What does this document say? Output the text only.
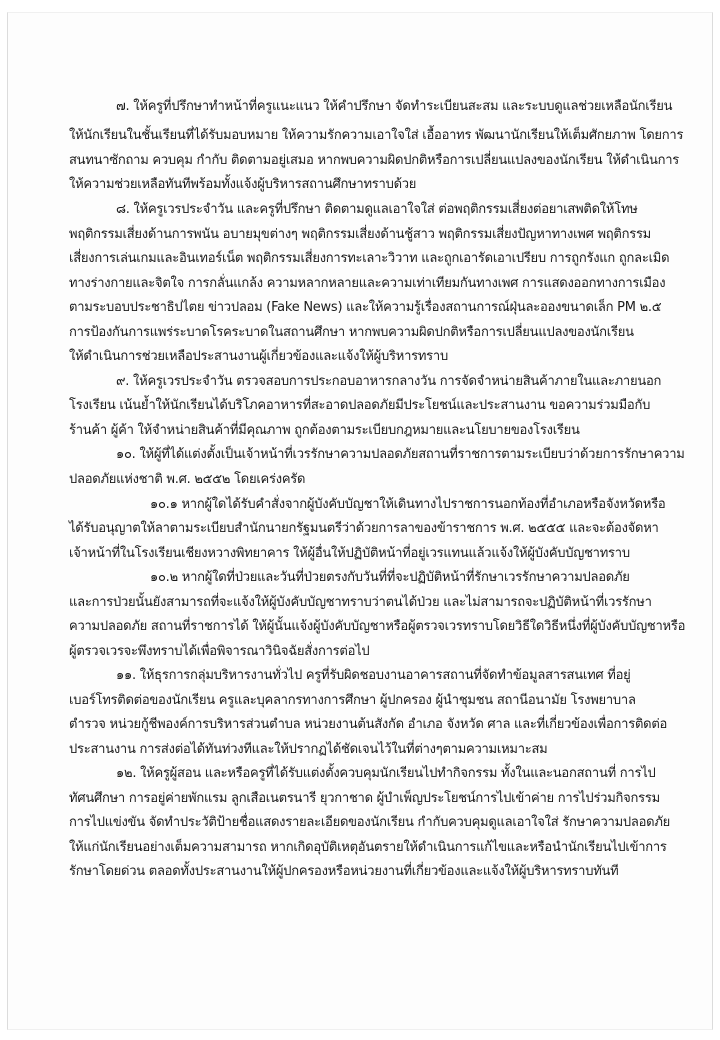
๗. ให้ครูที่ปรึกษาทำหน้าที่ครูแนะแนว ให้คำปรึกษา จัดทำระเบียนสะสม และระบบดูแลช่วยเหลือนักเรียน
ให้นักเรียนในชั้นเรียนที่ได้รับมอบหมาย ให้ความรักความเอาใจใส่ เอื้ออาทร พัฒนานักเรียนให้เต็มศักยภาพ โดยการ
สนทนาซักถาม ควบคุม กำกับ ติดตามอยู่เสมอ หากพบความผิดปกติหรือการเปลี่ยนแปลงของนักเรียน ให้ดำเนินการ
ให้ความช่วยเหลือทันทีพร้อมทั้งแจ้งผู้บริหารสถานศึกษาทราบด้วย
๘. ให้ครูเวรประจำวัน และครูที่ปรึกษา ติดตามดูแลเอาใจใส่ ต่อพฤติกรรมเสี่ยงต่อยาเสพติดให้โทษ
พฤติกรรมเสี่ยงด้านการพนัน อบายมุขต่างๆ พฤติกรรมเสี่ยงด้านชู้สาว พฤติกรรมเสี่ยงปัญหาทางเพศ พฤติกรรม
เสี่ยงการเล่นเกมและอินเทอร์เน็ต พฤติกรรมเสี่ยงการทะเลาะวิวาท และถูกเอารัดเอาเปรียบ การถูกรังแก ถูกละเมิด
ทางร่างกายและจิตใจ การกลั่นแกล้ง ความหลากหลายและความเท่าเทียมกันทางเพศ การแสดงออกทางการเมือง
ตามระบอบประชาธิปไตย ข่าวปลอม (Fake News) และให้ความรู้เรื่องสถานการณ์ฝุ่นละอองขนาดเล็ก PM ๒.๕
การป้องกันการแพร่ระบาดโรคระบาดในสถานศึกษา หากพบความผิดปกติหรือการเปลี่ยนแปลงของนักเรียน
ให้ดำเนินการช่วยเหลือประสานงานผู้เกี่ยวข้องและแจ้งให้ผู้บริหารทราบ
๙. ให้ครูเวรประจำวัน ตรวจสอบการประกอบอาหารกลางวัน การจัดจำหน่ายสินค้าภายในและภายนอก
โรงเรียน เน้นย้ำให้นักเรียนได้บริโภคอาหารที่สะอาดปลอดภัยมีประโยชน์และประสานงาน ขอความร่วมมือกับ
ร้านค้า ผู้ค้า ให้จำหน่ายสินค้าที่มีคุณภาพ ถูกต้องตามระเบียบกฎหมายและนโยบายของโรงเรียน
๑๐. ให้ผู้ที่ได้แต่งตั้งเป็นเจ้าหน้าที่เวรรักษาความปลอดภัยสถานที่ราชการตามระเบียบว่าด้วยการรักษาความ
ปลอดภัยแห่งชาติ พ.ศ. ๒๕๕๒ โดยเคร่งครัด
๑๐.๑ หากผู้ใดได้รับคำสั่งจากผู้บังคับบัญชาให้เดินทางไปราชการนอกท้องที่อำเภอหรือจังหวัดหรือ
ได้รับอนุญาตให้ลาตามระเบียบสำนักนายกรัฐมนตรีว่าด้วยการลาของข้าราชการ พ.ศ. ๒๕๕๕ และจะต้องจัดหา
เจ้าหน้าที่ในโรงเรียนเชียงหวางพิทยาคาร ให้ผู้อื่นให้ปฏิบัติหน้าที่อยู่เวรแทนแล้วแจ้งให้ผู้บังคับบัญชาทราบ
๑๐.๒ หากผู้ใดที่ป่วยและวันที่ป่วยตรงกับวันที่ที่จะปฏิบัติหน้าที่รักษาเวรรักษาความปลอดภัย
และการป่วยนั้นยังสามารถที่จะแจ้งให้ผู้บังคับบัญชาทราบว่าตนได้ป่วย และไม่สามารถจะปฏิบัติหน้าที่เวรรักษา
ความปลอดภัย สถานที่ราชการได้ ให้ผู้นั้นแจ้งผู้บังคับบัญชาหรือผู้ตรวจเวรทราบโดยวิธีใดวิธีหนึ่งที่ผู้บังคับบัญชาหรือ
ผู้ตรวจเวรจะพึงทราบได้เพื่อพิจารณาวินิจฉัยสั่งการต่อไป
๑๑. ให้ธุรการกลุ่มบริหารงานทั่วไป ครูที่รับผิดชอบงานอาคารสถานที่จัดทำข้อมูลสารสนเทศ ที่อยู่
เบอร์โทรติดต่อของนักเรียน ครูและบุคลากรทางการศึกษา ผู้ปกครอง ผู้นำชุมชน สถานีอนามัย โรงพยาบาล
ตำรวจ หน่วยกู้ชีพองค์การบริหารส่วนตำบล หน่วยงานต้นสังกัด อำเภอ จังหวัด ศาล และที่เกี่ยวข้องเพื่อการติดต่อ
ประสานงาน การส่งต่อได้ทันท่วงทีและให้ปรากฏได้ชัดเจนไว้ในที่ต่างๆตามความเหมาะสม
๑๒. ให้ครูผู้สอน และหรือครูที่ได้รับแต่งตั้งควบคุมนักเรียนไปทำกิจกรรม ทั้งในและนอกสถานที่ การไป
ทัศนศึกษา การอยู่ค่ายพักแรม ลูกเสือเนตรนารี ยุวกาชาด ผู้บำเพ็ญประโยชน์การไปเข้าค่าย การไปร่วมกิจกรรม
การไปแข่งขัน จัดทำประวัติป้ายชื่อแสดงรายละเอียดของนักเรียน กำกับควบคุมดูแลเอาใจใส่ รักษาความปลอดภัย
ให้แก่นักเรียนอย่างเต็มความสามารถ หากเกิดอุบัติเหตุอันตรายให้ดำเนินการแก้ไขและหรือนำนักเรียนไปเข้าการ
รักษาโดยด่วน ตลอดทั้งประสานงานให้ผู้ปกครองหรือหน่วยงานที่เกี่ยวข้องและแจ้งให้ผู้บริหารทราบทันที
